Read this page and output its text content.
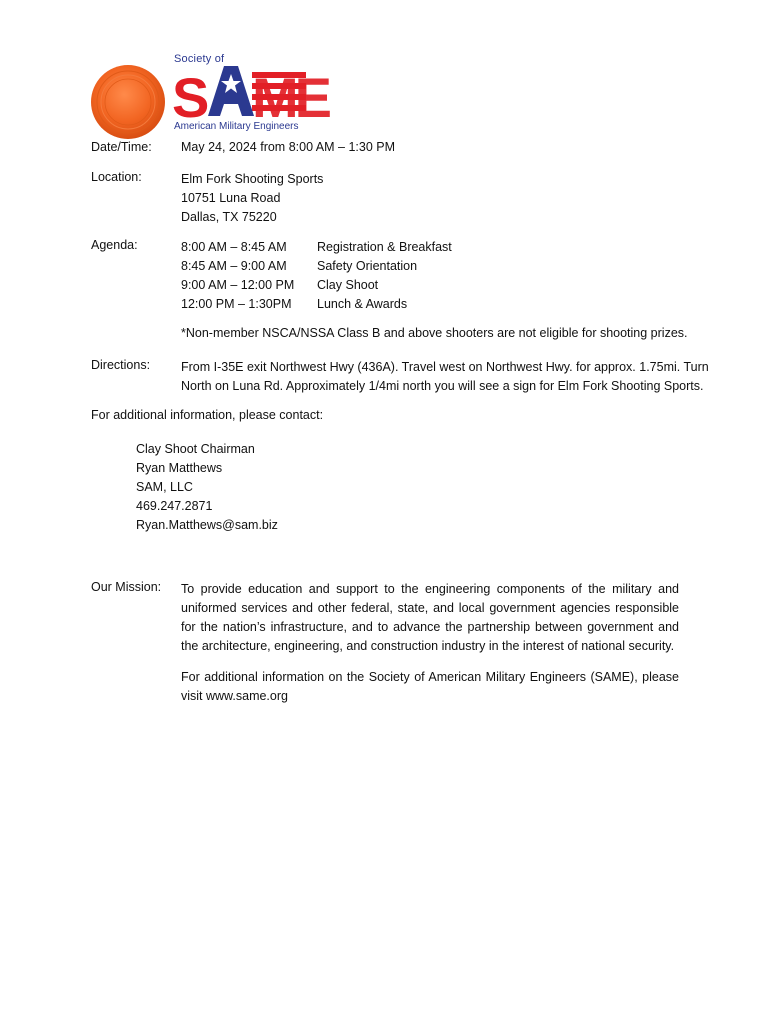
Society of
S ME
American Military Engineers
Date/Time: May 24, 2024 from 8:00 AM – 1:30 PM
Location:	Elm Fork Shooting Sports
10751 Luna Road
Dallas, TX 75220
Agenda:	8:00 AM – 8:45 AM
8:45 AM – 9:00 AM
9:00 AM – 12:00 PM
12:00 PM – 1:30PM
Registration & Breakfast
Safety Orientation
Clay Shoot
Lunch & Awards
*Non-member NSCA/NSSA Class B and above shooters are not eligible for shooting prizes.
Directions: From I-35E exit Northwest Hwy (436A). Travel west on Northwest Hwy. for approx. 1.75mi. Turn
North on Luna Rd. Approximately 1/4mi north you will see a sign for Elm Fork Shooting Sports.
For additional information, please contact:
Clay Shoot Chairman
Ryan Matthews
SAM, LLC
469.247.2871
Ryan.Matthews@sam.biz
Our Mission: To provide education and support to the engineering components of the military and uniformed services and other federal, state, and local government agencies responsible for the nation’s infrastructure, and to advance the partnership between government and the architecture, engineering, and construction industry in the interest of national security.
For additional information on the Society of American Military Engineers (SAME), please visit www.same.org
